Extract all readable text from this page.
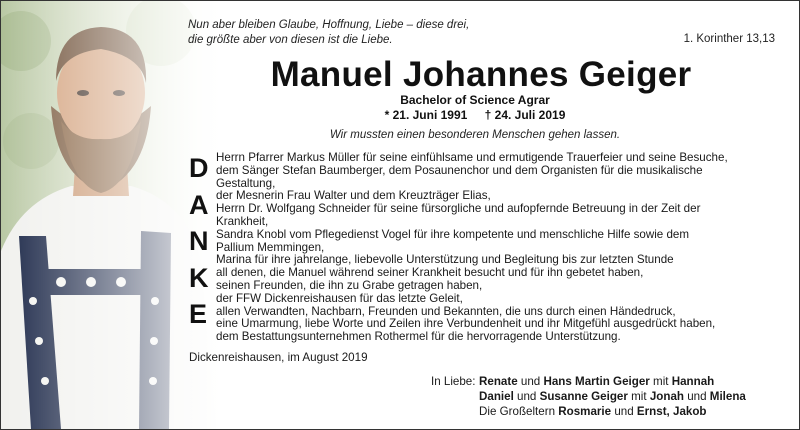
Nun aber bleiben Glaube, Hoffnung, Liebe – diese drei,
die größte aber von diesen ist die Liebe.	1. Korinther 13,13
Manuel Johannes Geiger
Bachelor of Science Agrar
* 21. Juni 1991 † 24. Juli 2019
Wir mussten einen besonderen Menschen gehen lassen.
D
A
N
K
E

Herrn Pfarrer Markus Müller für seine einfühlsame und ermutigende Trauerfeier und seine Besuche,

dem Sänger Stefan Baumberger, dem Posaunenchor und dem Organisten für die musikalische

Gestaltung,

der Mesnerin Frau Walter und dem Kreuzträger Elias,

Herrn Dr. Wolfgang Schneider für seine fürsorgliche und aufopfernde Betreuung in der Zeit der

Krankheit,

Sandra Knobl vom Pflegedienst Vogel für ihre kompetente und menschliche Hilfe sowie dem

Pallium Memmingen,

Marina für ihre jahrelange, liebevolle Unterstützung und Begleitung bis zur letzten Stunde

all denen, die Manuel während seiner Krankheit besucht und für ihn gebetet haben,

seinen Freunden, die ihn zu Grabe getragen haben,

der FFW Dickenreishausen für das letzte Geleit,

allen Verwandten, Nachbarn, Freunden und Bekannten, die uns durch einen Händedruck,

eine Umarmung, liebe Worte und Zeilen ihre Verbundenheit und ihr Mitgefühl ausgedrückt haben,

dem Bestattungsunternehmen Rothermel für die hervorragende Unterstützung.

Dickenreishausen, im August 2019
In Liebe: Renate
und
Hans Martin Geiger
mit
Hannah
Daniel
und
Susanne Geiger
mit
Jonah
und
Milena
Die Großeltern
Rosmarie
und
Ernst, Jakob
